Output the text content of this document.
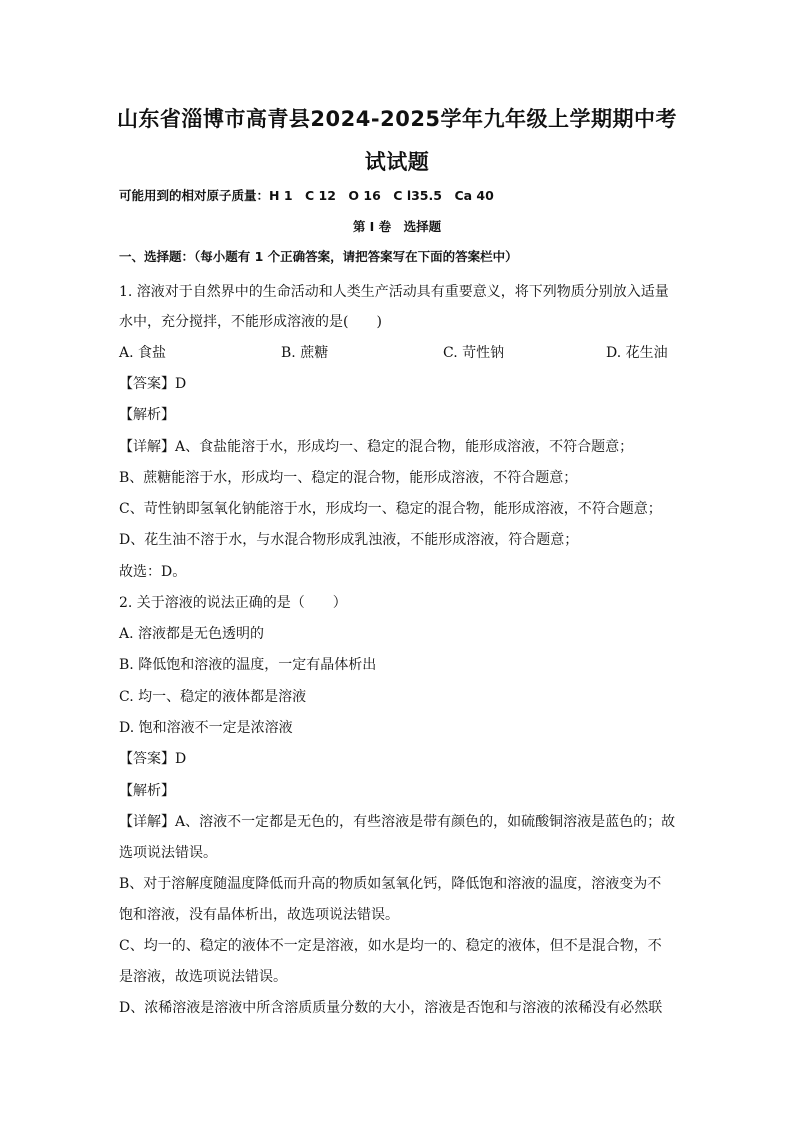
山东省淄博市高青县2024-2025学年九年级上学期期中考
试试题
可能用到的相对原子质量：H 1　C 12　O 16　C l35.5　Ca 40
第 I 卷　选择题
一、选择题：（每小题有 1 个正确答案，请把答案写在下面的答案栏中）
1. 溶液对于自然界中的生命活动和人类生产活动具有重要意义，将下列物质分别放入适量
水中，充分搅拌，不能形成溶液的是(　　)
A. 食盐	B. 蔗糖	C. 苛性钠	D. 花生油
【答案】D
【解析】
【详解】A、食盐能溶于水，形成均一、稳定的混合物，能形成溶液，不符合题意；
B、蔗糖能溶于水，形成均一、稳定的混合物，能形成溶液，不符合题意；
C、苛性钠即氢氧化钠能溶于水，形成均一、稳定的混合物，能形成溶液，不符合题意；
D、花生油不溶于水，与水混合物形成乳浊液，不能形成溶液，符合题意；
故选：D。
2. 关于溶液的说法正确的是（　　）
A. 溶液都是无色透明的
B. 降低饱和溶液的温度，一定有晶体析出
C. 均一、稳定的液体都是溶液
D. 饱和溶液不一定是浓溶液
【答案】D
【解析】
【详解】A、溶液不一定都是无色的，有些溶液是带有颜色的，如硫酸铜溶液是蓝色的；故
选项说法错误。
B、对于溶解度随温度降低而升高的物质如氢氧化钙，降低饱和溶液的温度，溶液变为不
饱和溶液，没有晶体析出，故选项说法错误。
C、均一的、稳定的液体不一定是溶液，如水是均一的、稳定的液体，但不是混合物，不
是溶液，故选项说法错误。
D、浓稀溶液是溶液中所含溶质质量分数的大小，溶液是否饱和与溶液的浓稀没有必然联
